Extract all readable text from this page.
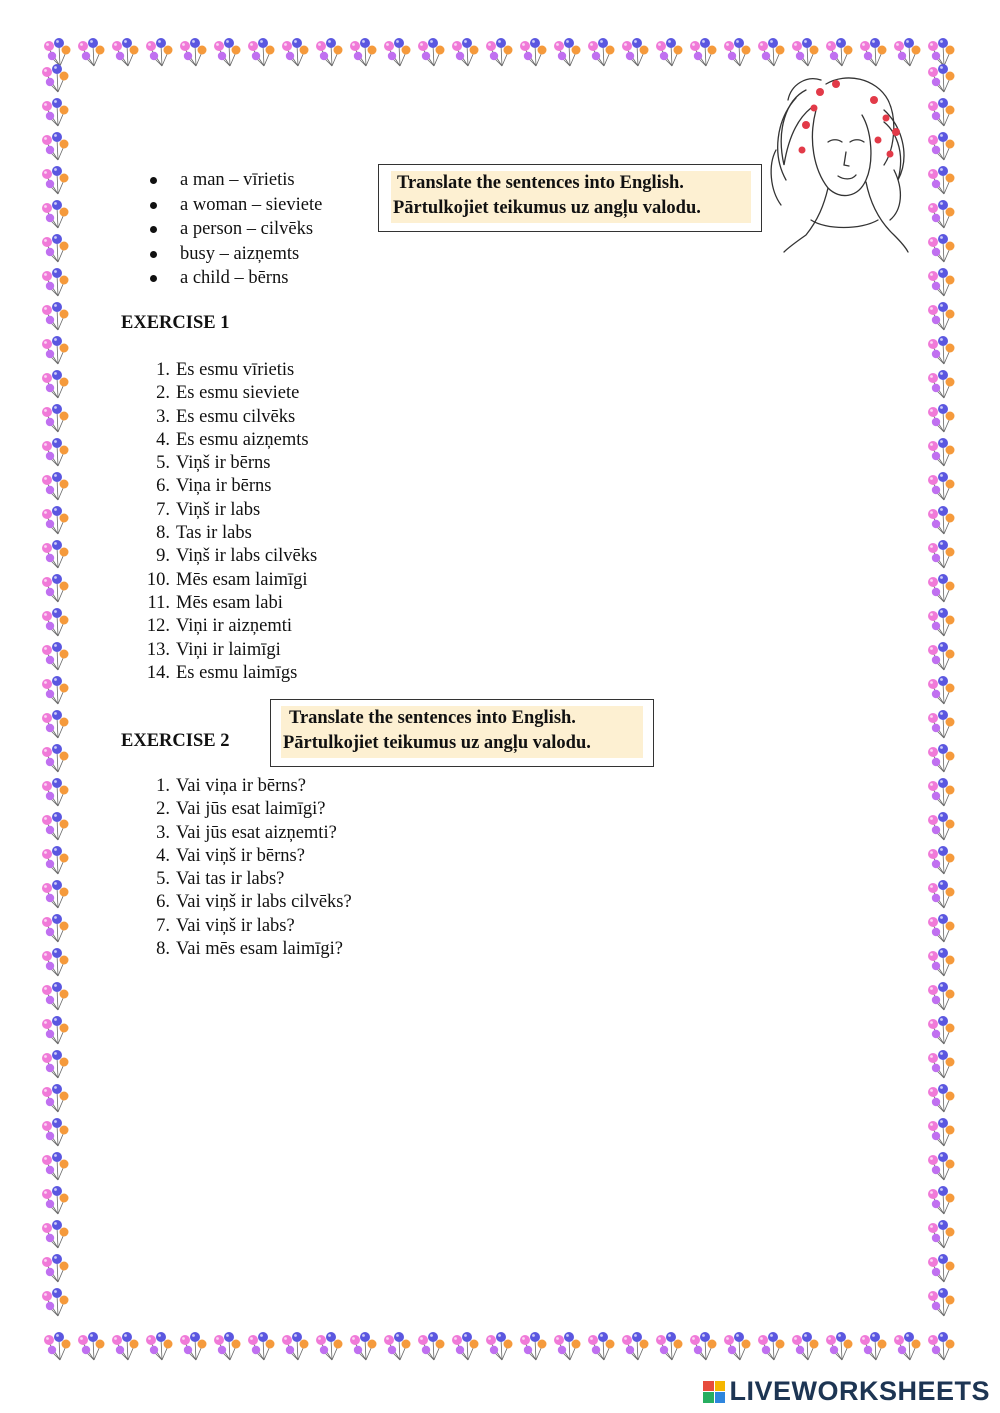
a man – vīrietis
a woman – sieviete
a person – cilvēks
busy – aizņemts
a child – bērns
Translate the sentences into English.
Pārtulkojiet teikumus uz angļu valodu.
EXERCISE 1
1. Es esmu vīrietis
2. Es esmu sieviete
3. Es esmu cilvēks
4. Es esmu aizņemts
5. Viņš ir bērns
6. Viņa ir bērns
7. Viņš ir labs
8. Tas ir labs
9. Viņš ir labs cilvēks
10. Mēs esam laimīgi
11. Mēs esam labi
12. Viņi ir aizņemti
13. Viņi ir laimīgi
14. Es esmu laimīgs
EXERCISE 2
Translate the sentences into English.
Pārtulkojiet teikumus uz angļu valodu.
1. Vai viņa ir bērns?
2. Vai jūs esat laimīgi?
3. Vai jūs esat aizņemti?
4. Vai viņš ir bērns?
5. Vai tas ir labs?
6. Vai viņš ir labs cilvēks?
7. Vai viņš ir labs?
8. Vai mēs esam laimīgi?
LIVEWORKSHEETS
